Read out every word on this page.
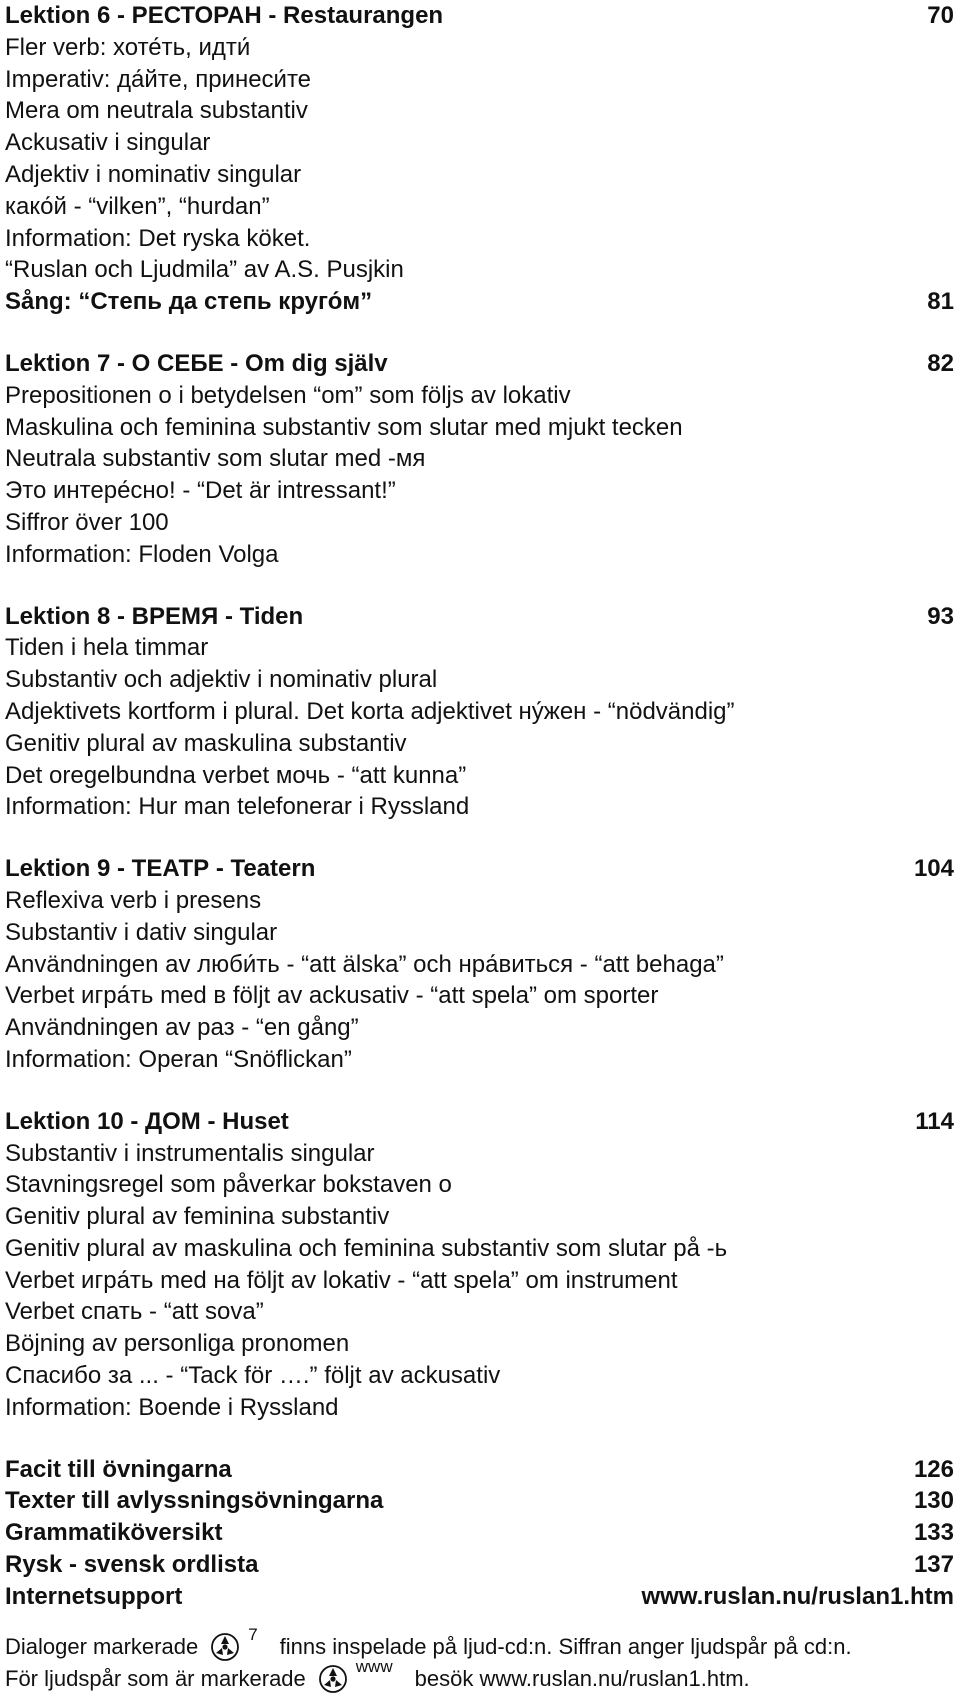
Lektion 6 - РЕСТОРАН - Restaurangen	70
Fler verb: хоте́ть, идти́
Imperativ: да́йте, принеси́те
Mera om neutrala substantiv
Ackusativ i singular
Adjektiv i nominativ singular
како́й - “vilken”, “hurdan”
Information: Det ryska köket.
“Ruslan och Ljudmila” av A.S. Pusjkin
Sång: “Степь да степь круго́м”	81
Lektion 7 - О СЕБЕ - Om dig själv	82
Prepositionen o i betydelsen “om” som följs av lokativ
Maskulina och feminina substantiv som slutar med mjukt tecken
Neutrala substantiv som slutar med -мя
Это интере́сно! - “Det är intressant!”
Siffror över 100
Information: Floden Volga
Lektion 8 - ВРЕМЯ - Tiden	93
Tiden i hela timmar
Substantiv och adjektiv i nominativ plural
Adjektivets kortform i plural. Det korta adjektivet ну́жен - “nödvändig”
Genitiv plural av maskulina substantiv
Det oregelbundna verbet мочь - “att kunna”
Information: Hur man telefonerar i Ryssland
Lektion 9 - ТЕАТР - Teatern	104
Reflexiva verb i presens
Substantiv i dativ singular
Användningen av люби́ть - “att älska” och нра́виться - “att behaga”
Verbet игра́ть med в följt av ackusativ - “att spela” om sporter
Användningen av раз - “en gång”
Information: Operan “Snöflickan”
Lektion 10 - ДОМ - Huset	114
Substantiv i instrumentalis singular
Stavningsregel som påverkar bokstaven o
Genitiv plural av feminina substantiv
Genitiv plural av maskulina och feminina substantiv som slutar på -ь
Verbet игра́ть med на följt av lokativ - “att spela” om instrument
Verbet спать - “att sova”
Böjning av personliga pronomen
Спасибо за ... - “Tack för ….” följt av ackusativ
Information: Boende i Ryssland
Facit till övningarna	126
Texter till avlyssningsövningarna	130
Grammatiköversikt	133
Rysk - svensk ordlista	137
Internetsupport	www.ruslan.nu/ruslan1.htm
Dialoger markerade	7 finns inspelade på ljud-cd:n. Siffran anger ljudspår på cd:n.
För ljudspår som är markerade	www besök www.ruslan.nu/ruslan1.htm.
